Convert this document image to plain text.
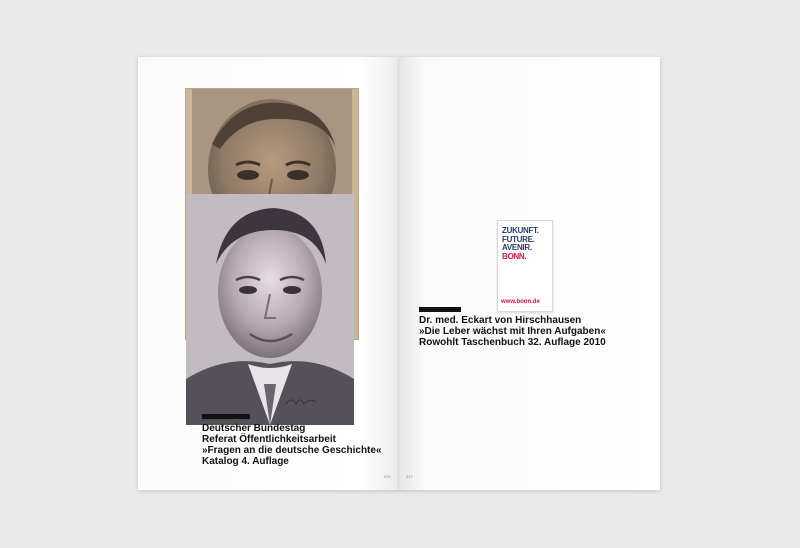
Deutscher Bundestag
Referat Öffentlichkeitsarbeit
»Fragen an die deutsche Geschichte«
Katalog 4. Auflage
ZUKUNFT.
FUTURE.
AVENIR.
BONN.
www.bonn.de
Dr. med. Eckart von Hirschhausen
»Die Leber wächst mit Ihren Aufgaben«
Rowohlt Taschenbuch 32. Auflage 2010
016	017
